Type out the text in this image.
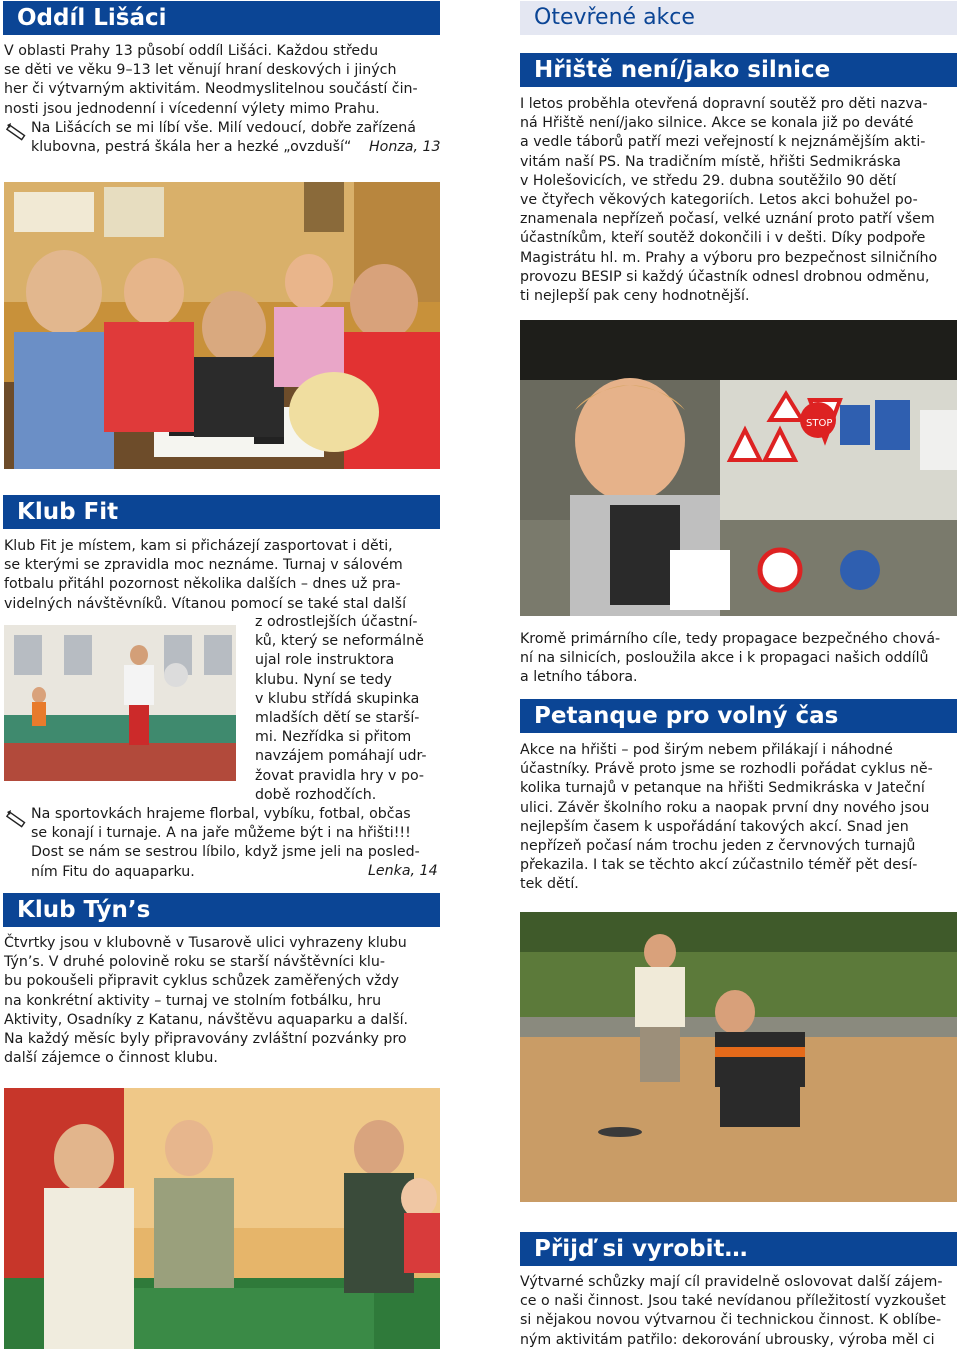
Oddíl Lišáci
V oblasti Prahy 13 působí oddíl Lišáci. Každou středu
se děti ve věku 9–13 let věnují hraní deskových i jiných
her či výtvarným aktivitám. Neodmyslitelnou součástí čin-
nosti jsou jednodenní i vícedenní výlety mimo Prahu.
Na Lišácích se mi líbí vše. Milí vedoucí, dobře zařízená
klubovna, pestrá škála her a hezké „ovzduší“	Honza, 13
Klub Fit
Klub Fit je místem, kam si přicházejí zasportovat i děti,
se kterými se zpravidla moc neznáme. Turnaj v sálovém
fotbalu přitáhl pozornost několika dalších – dnes už pra-
videlných návštěvníků. Vítanou pomocí se také stal další
z odrostlejších účastní-
ků, který se neformálně
ujal role instruktora
klubu. Nyní se tedy
v klubu střídá skupinka
mladších dětí se starší-
mi. Nezřídka si přitom
navzájem pomáhají udr-
žovat pravidla hry v po-
době rozhodčích.
Na sportovkách hrajeme florbal, vybíku, fotbal, občas
se konají i turnaje. A na jaře můžeme být i na hřišti!!!
Dost se nám se sestrou líbilo, když jsme jeli na posled-
ním Fitu do aquaparku.	Lenka, 14
Klub Týn’s
Čtvrtky jsou v klubovně v Tusarově ulici vyhrazeny klubu
Týn’s. V druhé polovině roku se starší návštěvníci klu-
bu pokoušeli připravit cyklus schůzek zaměřených vždy
na konkrétní aktivity – turnaj ve stolním fotbálku, hru
Aktivity, Osadníky z Katanu, návštěvu aquaparku a další.
Na každý měsíc byly připravovány zvláštní pozvánky pro
další zájemce o činnost klubu.
Otevřené akce
Hřiště není/jako silnice
I letos proběhla otevřená dopravní soutěž pro děti nazva-
ná Hřiště není/jako silnice. Akce se konala již po deváté
a vedle táborů patří mezi veřejností k nejznámějším akti-
vitám naší PS. Na tradičním místě, hřišti Sedmikráska
v Holešovicích, ve středu 29. dubna soutěžilo 90 dětí
ve čtyřech věkových kategoriích. Letos akci bohužel po-
znamenala nepřízeň počasí, velké uznání proto patří všem
účastníkům, kteří soutěž dokončili i v dešti. Díky podpoře
Magistrátu hl. m. Prahy a výboru pro bezpečnost silničního
provozu BESIP si každý účastník odnesl drobnou odměnu,
ti nejlepší pak ceny hodnotnější.
STOP
Kromě primárního cíle, tedy propagace bezpečného chová-
ní na silnicích, posloužila akce i k propagaci našich oddílů
a letního tábora.
Petanque pro volný čas
Akce na hřišti – pod širým nebem přilákají i náhodné
účastníky. Právě proto jsme se rozhodli pořádat cyklus ně-
kolika turnajů v petanque na hřišti Sedmikráska v Jateční
ulici. Závěr školního roku a naopak první dny nového jsou
nejlepším časem k uspořádání takových akcí. Snad jen
nepřízeň počasí nám trochu jeden z červnových turnajů
překazila. I tak se těchto akcí zúčastnilo téměř pět desí-
tek dětí.
Přijď si vyrobit…
Výtvarné schůzky mají cíl pravidelně oslovovat další zájem-
ce o naši činnost. Jsou také nevídanou příležitostí vyzkoušet
si nějakou novou výtvarnou či technickou činnost. K oblíbe-
ným aktivitám patřilo: dekorování ubrousky, výroba měl ci
